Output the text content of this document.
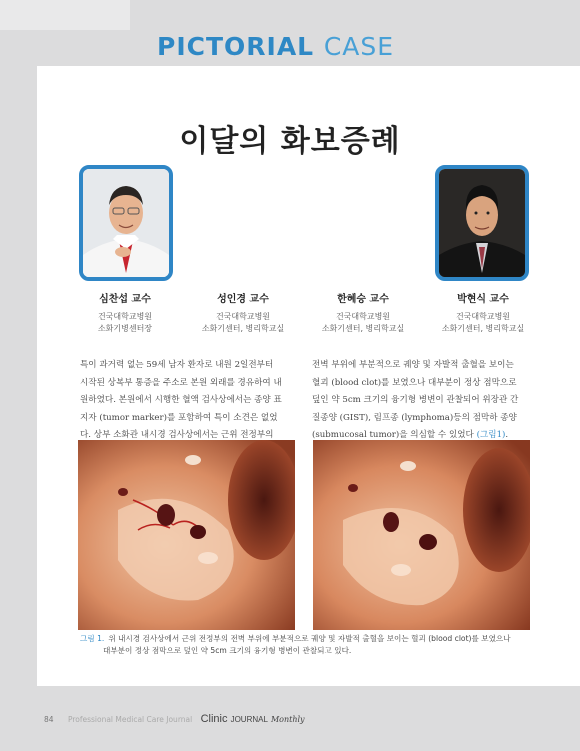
PICTORIAL CASE
이달의 화보증례
심찬섭 교수
건국대학교병원
소화기병센터장
성인경 교수
건국대학교병원
소화기센터, 병리학교실
한혜승 교수
건국대학교병원
소화기센터, 병리학교실
박현식 교수
건국대학교병원
소화기센터, 병리학교실
특이 과거력 없는 59세 남자 환자로 내원 2일전부터
시작된 상복부 통증을 주소로 본원 외래를 경유하여 내
원하였다. 본원에서 시행한 혈액 검사상에서는 종양 표
지자 (tumor marker)를 포함하여 특이 소견은 없었
다. 상부 소화관 내시경 검사상에서는 근위 전정부의
전벽 부위에 부분적으로 궤양 및 자발적 출혈을 보이는
혈괴 (blood clot)를 보였으나 대부분이 정상 점막으로
덮인 약 5cm 크기의 융기형 병변이 관찰되어 위장관 간
질종양 (GIST), 림프종 (lymphoma)등의 점막하 종양
(submucosal tumor)을 의심할 수 있었다 (그림1).
그림 1. 위 내시경 검사상에서 근위 전정부의 전벽 부위에 부분적으로 궤양 및 자발적 출혈을 보이는 혈괴 (blood clot)를 보였으나
대부분이 정상 점막으로 덮인 약 5cm 크기의 융기형 병변이 관찰되고 있다.
84 Professional Medical Care Journal Clinic JOURNAL Monthly
